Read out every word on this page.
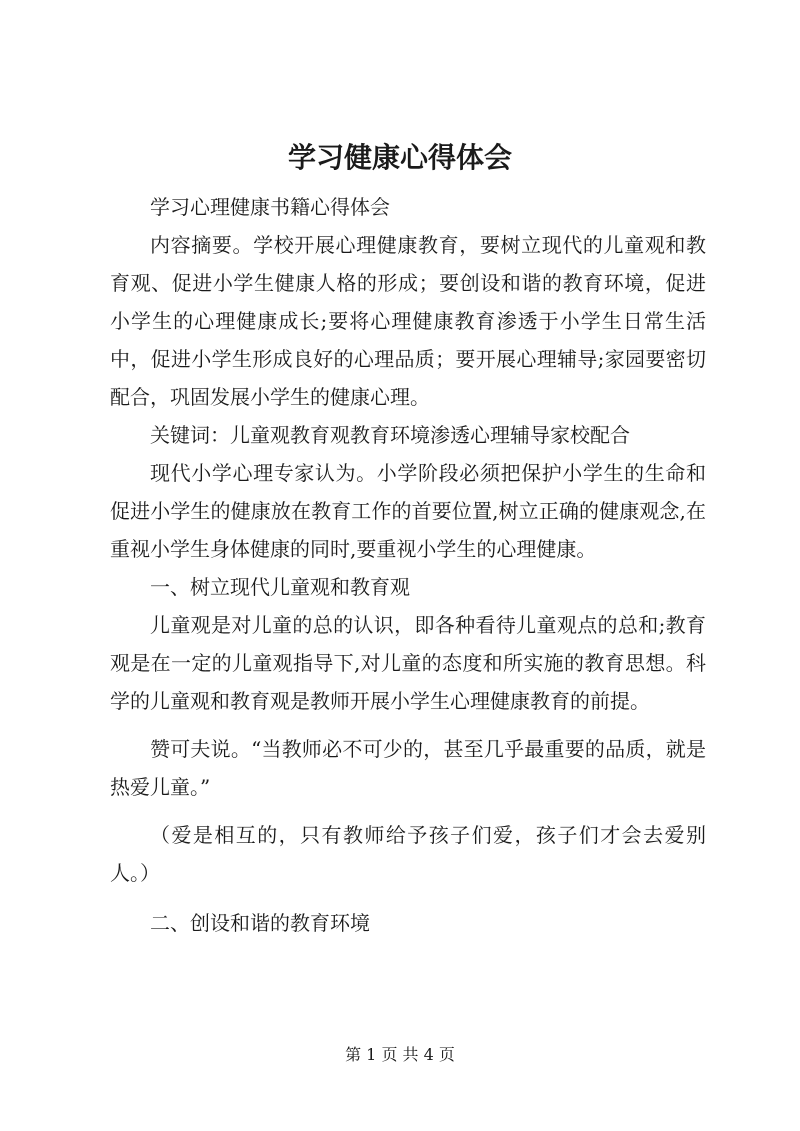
学习健康心得体会

学习心理健康书籍心得体会

内容摘要。学校开展心理健康教育，要树立现代的儿童观和教育观、促进小学生健康人格的形成；要创设和谐的教育环境，促进小学生的心理健康成长;要将心理健康教育渗透于小学生日常生活中，促进小学生形成良好的心理品质；要开展心理辅导;家园要密切配合，巩固发展小学生的健康心理。

关键词：儿童观教育观教育环境渗透心理辅导家校配合

现代小学心理专家认为。小学阶段必须把保护小学生的生命和促进小学生的健康放在教育工作的首要位置,树立正确的健康观念,在重视小学生身体健康的同时,要重视小学生的心理健康。

一、树立现代儿童观和教育观

儿童观是对儿童的总的认识，即各种看待儿童观点的总和;教育观是在一定的儿童观指导下,对儿童的态度和所实施的教育思想。科学的儿童观和教育观是教师开展小学生心理健康教育的前提。

赞可夫说。“当教师必不可少的，甚至几乎最重要的品质，就是热爱儿童。”

（爱是相互的，只有教师给予孩子们爱，孩子们才会去爱别人。）

二、创设和谐的教育环境

第 1 页 共 4 页
